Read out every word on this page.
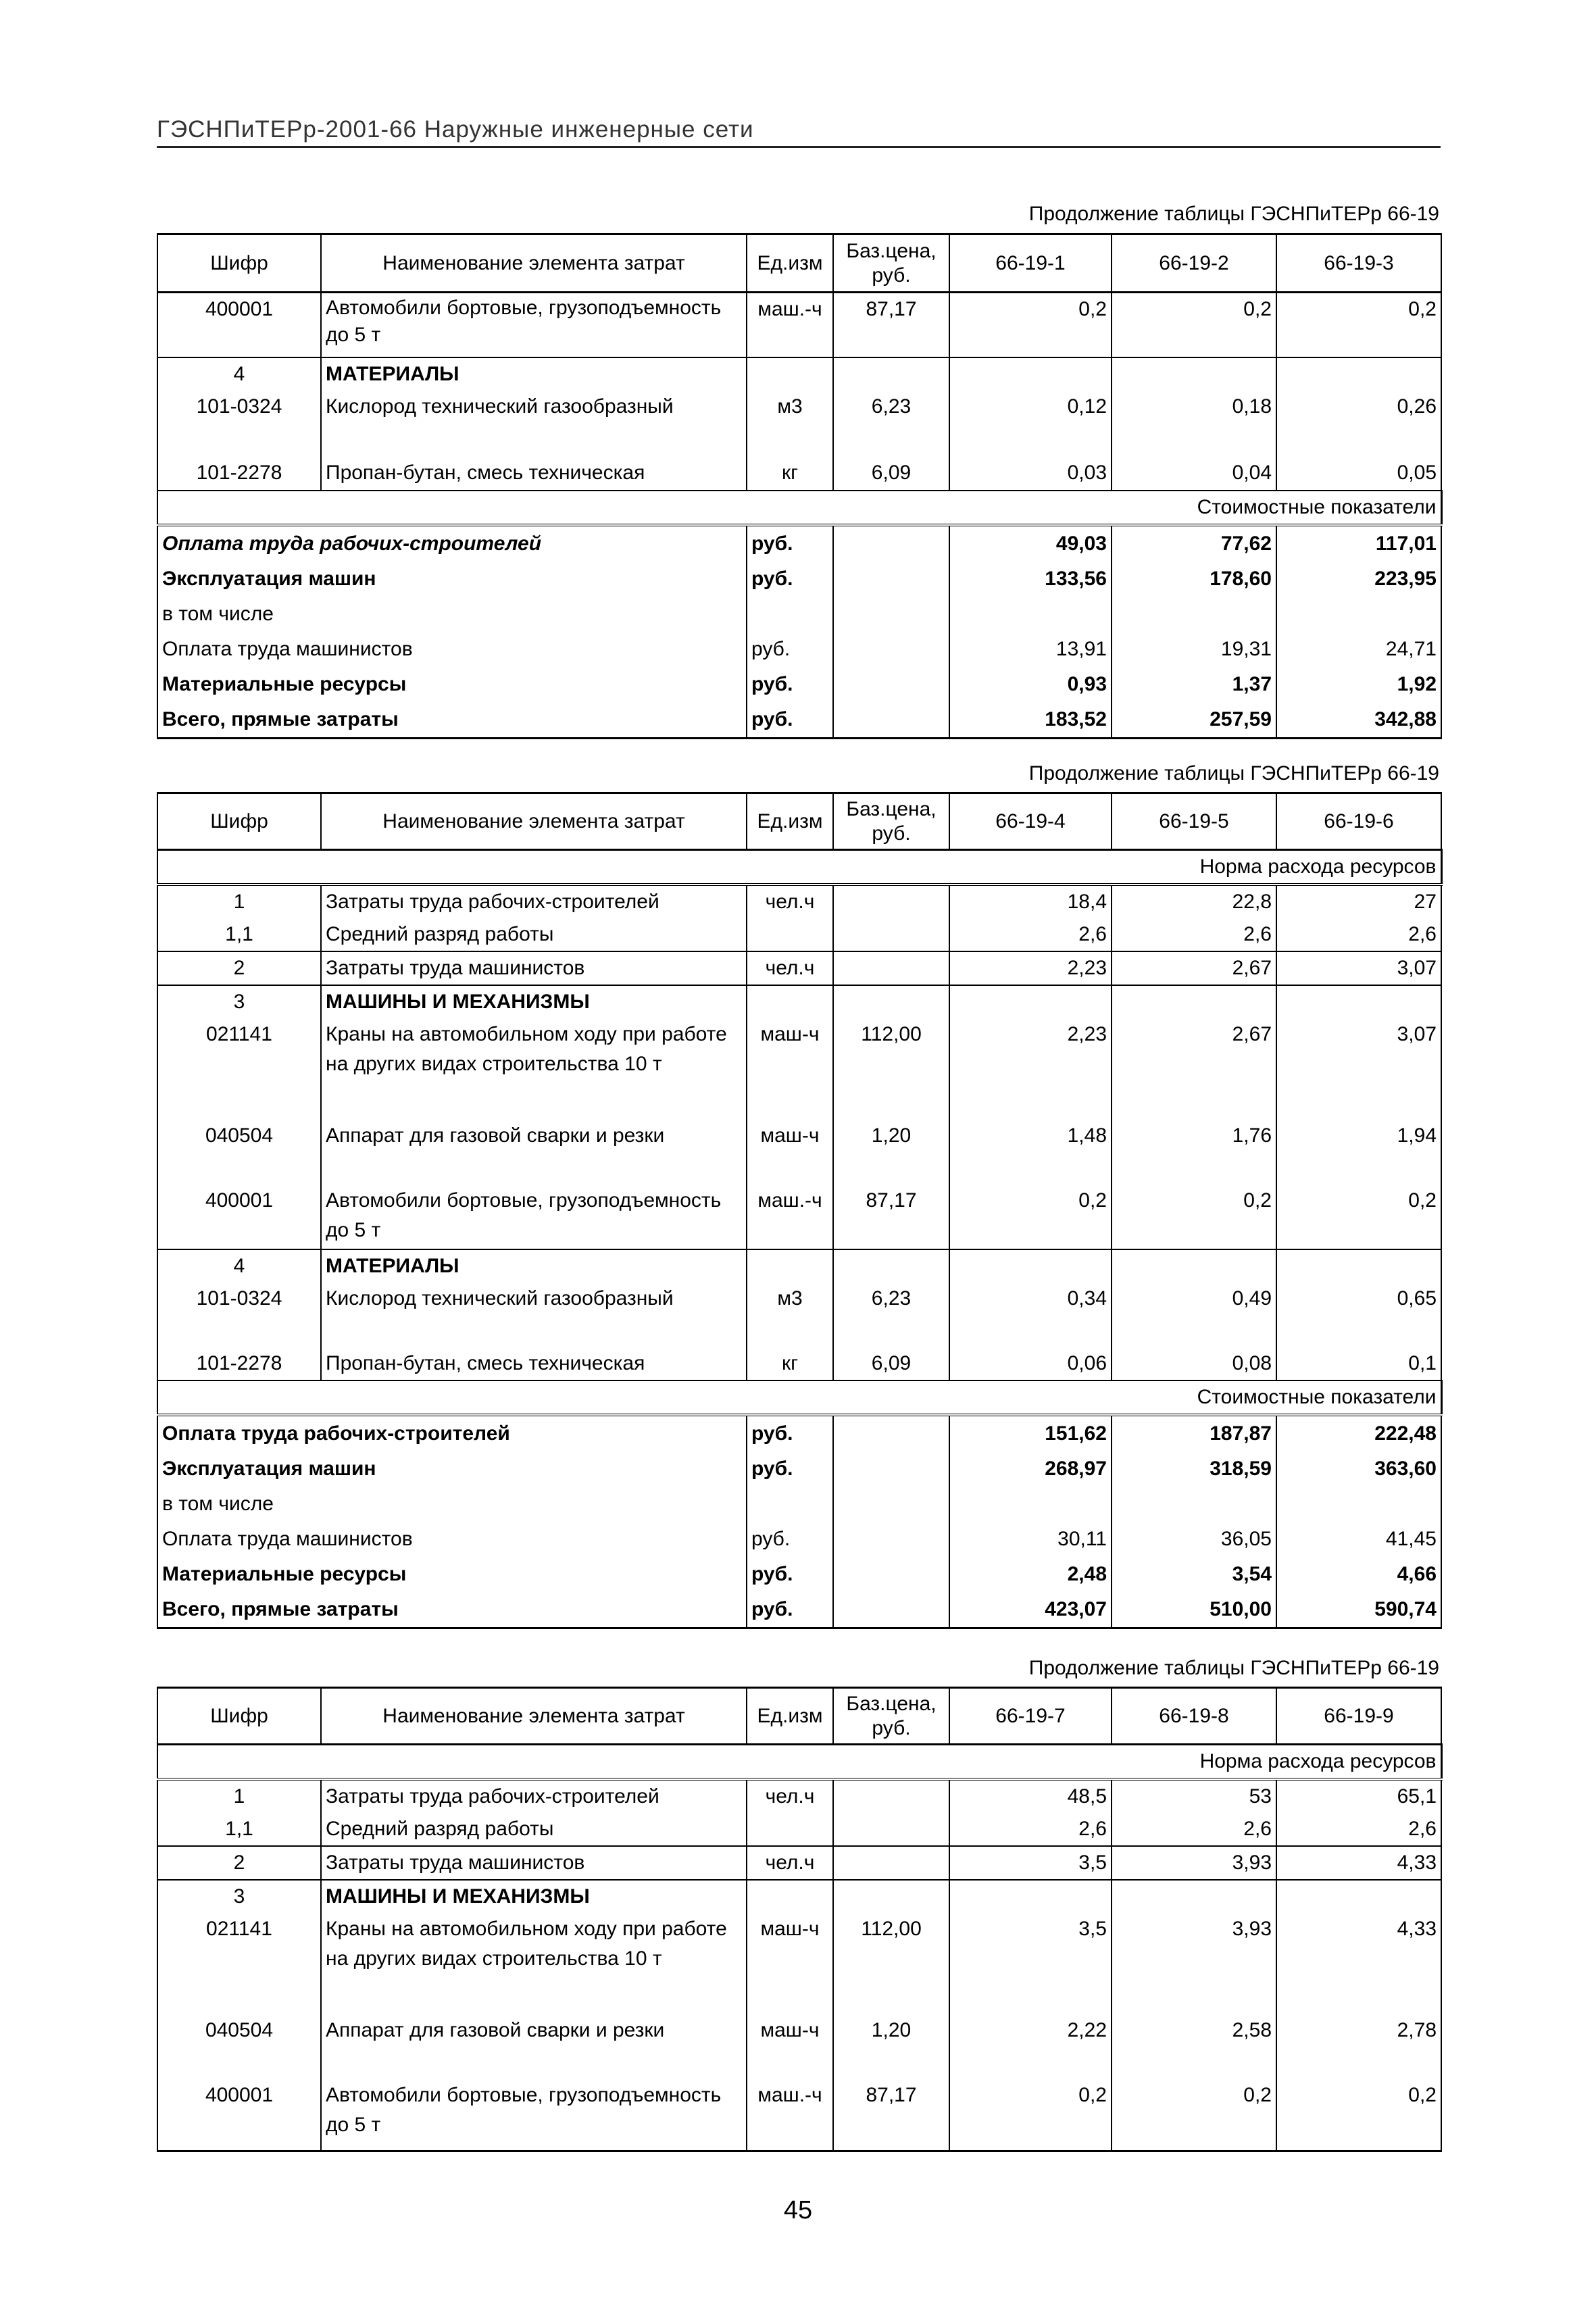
ГЭСНПиТЕРр-2001-66 Наружные инженерные сети
Продолжение таблицы ГЭСНПиТЕРр 66-19
Шифр	Наименование элемента затрат	Ед.изм	Баз.цена, руб.	66-19-1	66-19-2	66-19-3
400001	Автомобили бортовые, грузоподъемность до 5 т	маш.-ч	87,17	0,2	0,2	0,2
4	МАТЕРИАЛЫ					
101-0324	Кислород технический газообразный	м3	6,23	0,12	0,18	0,26
101-2278	Пропан-бутан, смесь техническая	кг	6,09	0,03	0,04	0,05
Стоимостные показатели						
Оплата труда рабочих-строителей		руб.		49,03	77,62	117,01
Эксплуатация машин		руб.		133,56	178,60	223,95
в том числе						
Оплата труда машинистов		руб.		13,91	19,31	24,71
Материальные ресурсы		руб.		0,93	1,37	1,92
Всего, прямые затраты		руб.		183,52	257,59	342,88
Продолжение таблицы ГЭСНПиТЕРр 66-19
Шифр	Наименование элемента затрат	Ед.изм	Баз.цена, руб.	66-19-4	66-19-5	66-19-6
Норма расхода ресурсов						
1	Затраты труда рабочих-строителей	чел.ч		18,4	22,8	27
1,1	Средний разряд работы			2,6	2,6	2,6
2	Затраты труда машинистов	чел.ч		2,23	2,67	3,07
3	МАШИНЫ И МЕХАНИЗМЫ					
021141	Краны на автомобильном ходу при работе на других видах строительства 10 т	маш-ч	112,00	2,23	2,67	3,07
040504	Аппарат для газовой сварки и резки	маш-ч	1,20	1,48	1,76	1,94
400001	Автомобили бортовые, грузоподъемность до 5 т	маш.-ч	87,17	0,2	0,2	0,2
4	МАТЕРИАЛЫ					
101-0324	Кислород технический газообразный	м3	6,23	0,34	0,49	0,65
101-2278	Пропан-бутан, смесь техническая	кг	6,09	0,06	0,08	0,1
Стоимостные показатели						
Оплата труда рабочих-строителей		руб.		151,62	187,87	222,48
Эксплуатация машин		руб.		268,97	318,59	363,60
в том числе						
Оплата труда машинистов		руб.		30,11	36,05	41,45
Материальные ресурсы		руб.		2,48	3,54	4,66
Всего, прямые затраты		руб.		423,07	510,00	590,74
Продолжение таблицы ГЭСНПиТЕРр 66-19
Шифр	Наименование элемента затрат	Ед.изм	Баз.цена, руб.	66-19-7	66-19-8	66-19-9
Норма расхода ресурсов						
1	Затраты труда рабочих-строителей	чел.ч		48,5	53	65,1
1,1	Средний разряд работы			2,6	2,6	2,6
2	Затраты труда машинистов	чел.ч		3,5	3,93	4,33
3	МАШИНЫ И МЕХАНИЗМЫ					
021141	Краны на автомобильном ходу при работе на других видах строительства 10 т	маш-ч	112,00	3,5	3,93	4,33
040504	Аппарат для газовой сварки и резки	маш-ч	1,20	2,22	2,58	2,78
400001	Автомобили бортовые, грузоподъемность до 5 т	маш.-ч	87,17	0,2	0,2	0,2
45
